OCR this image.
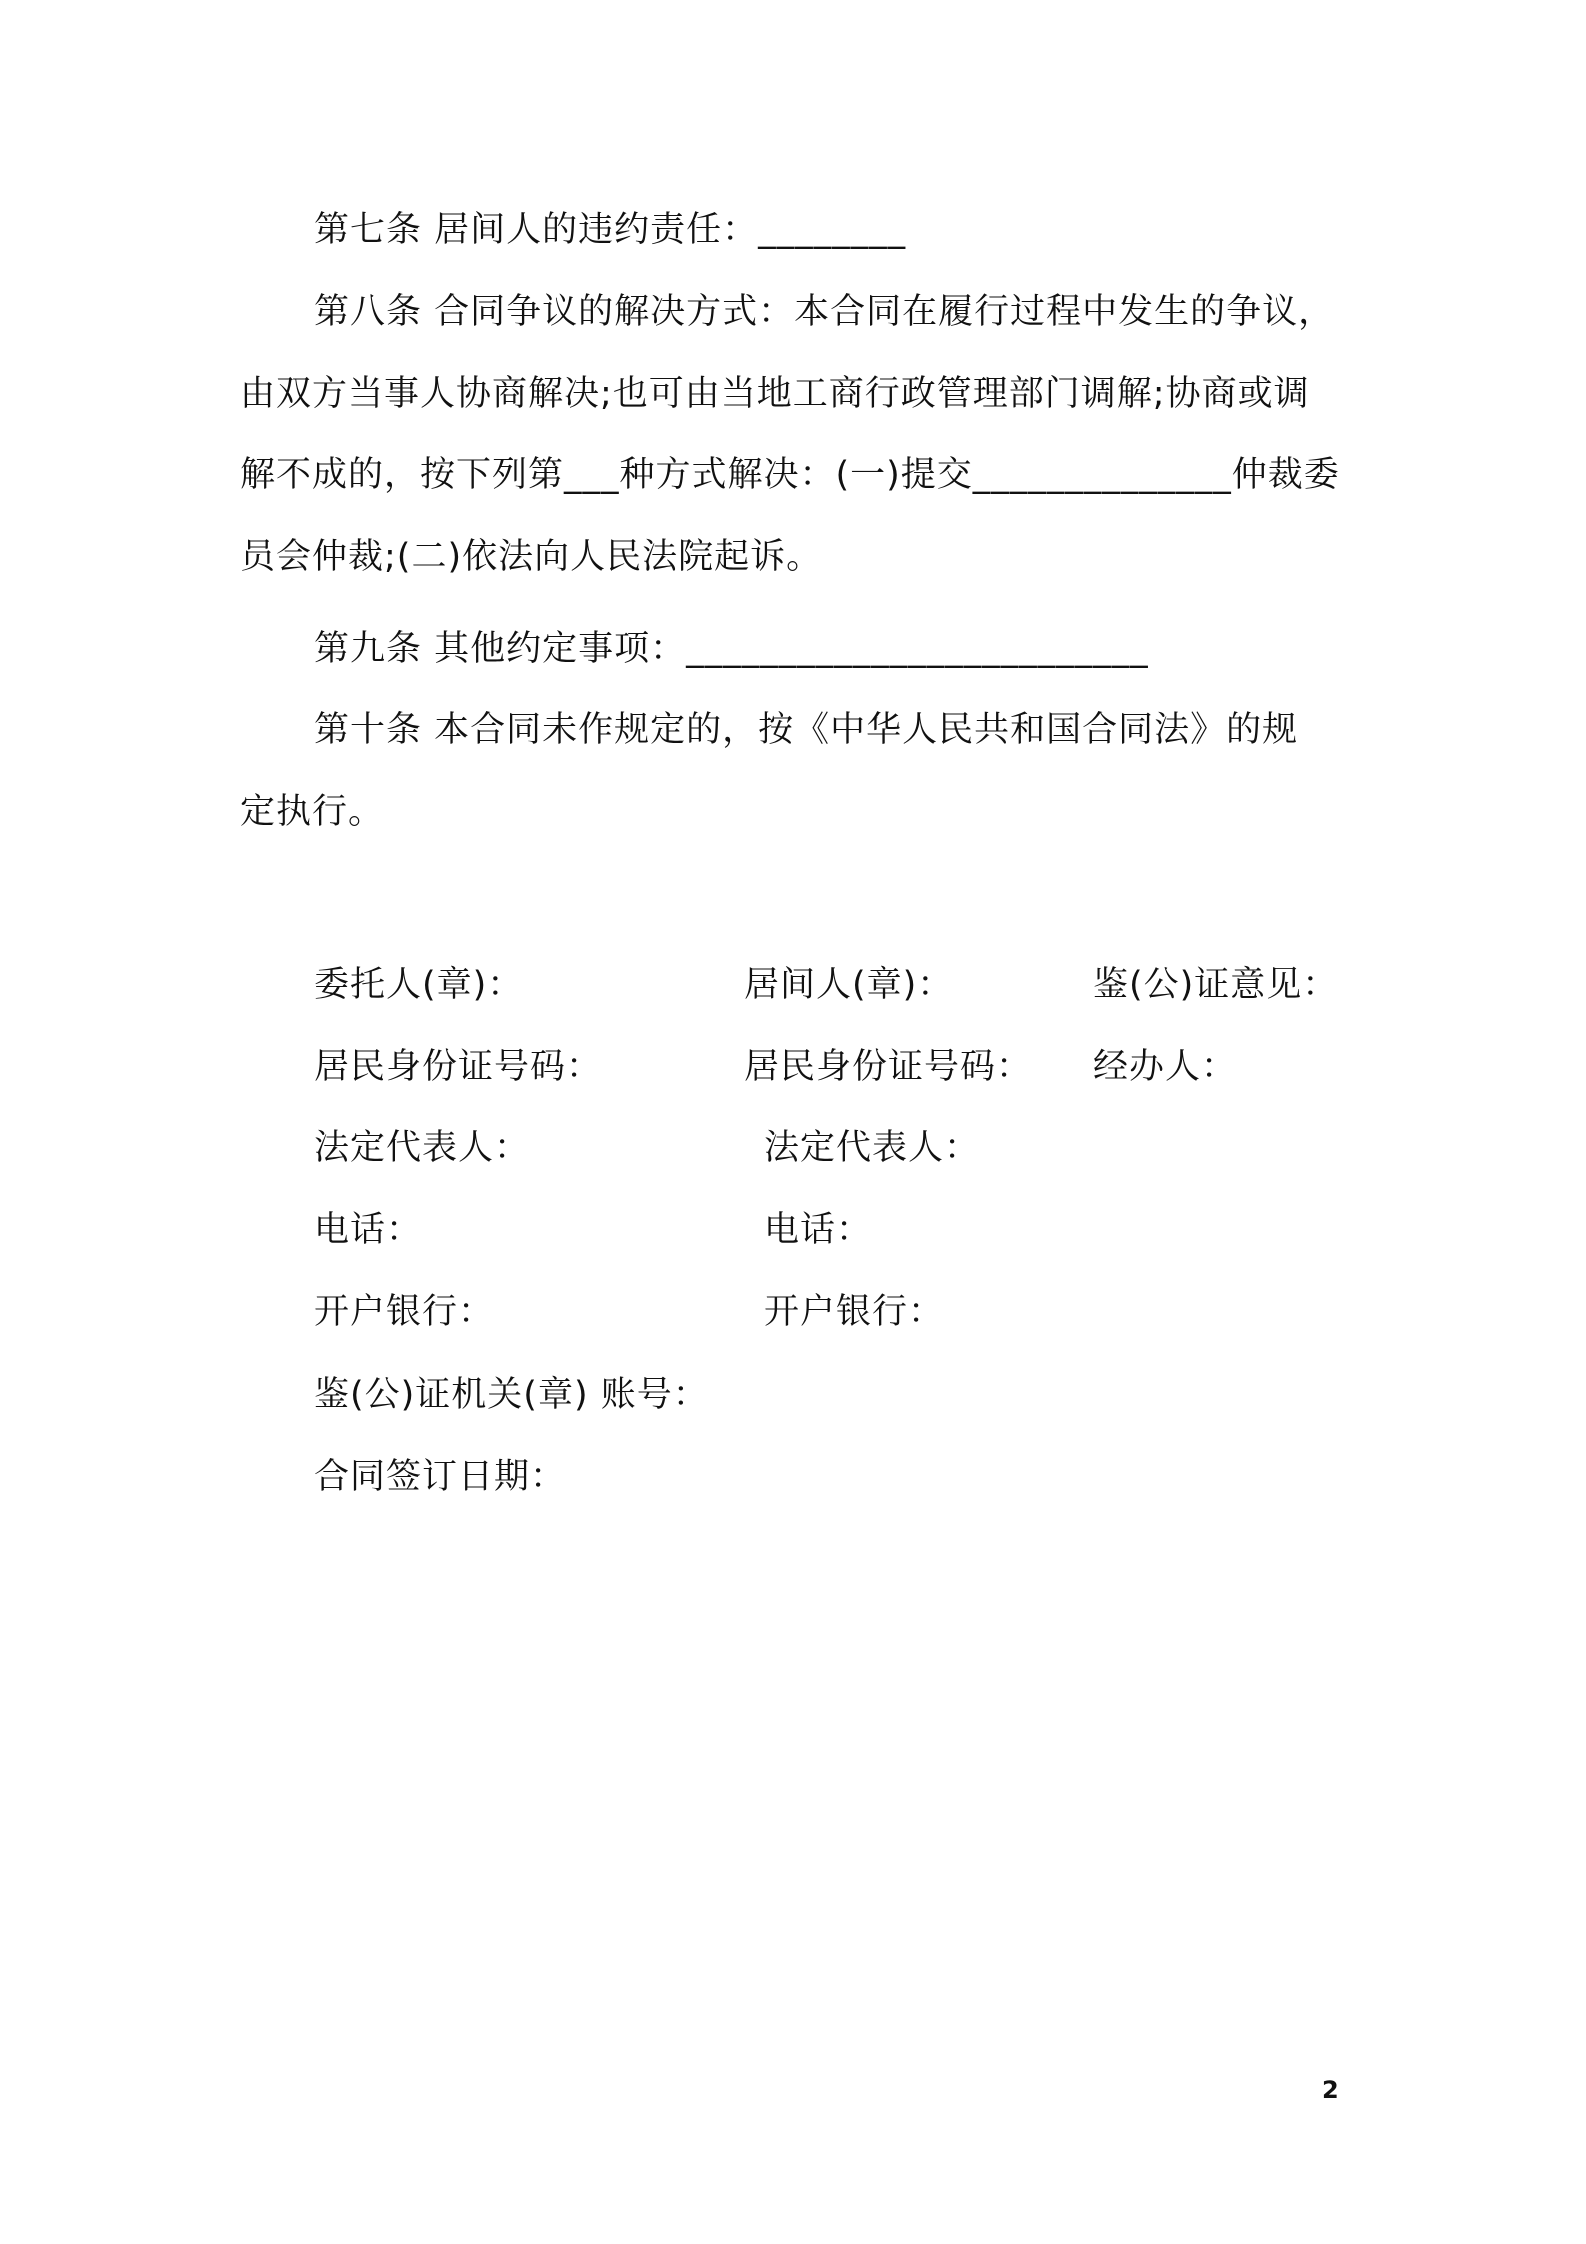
第七条 居间人的违约责任：________
第八条 合同争议的解决方式：本合同在履行过程中发生的争议，
由双方当事人协商解决;也可由当地工商行政管理部门调解;协商或调
解不成的，按下列第___种方式解决：(一)提交______________仲裁委
员会仲裁;(二)依法向人民法院起诉。
第九条 其他约定事项：_________________________
第十条 本合同未作规定的，按《中华人民共和国合同法》的规
定执行。
委托人(章)：	居间人(章)：	鉴(公)证意见：
居民身份证号码：	居民身份证号码： 经办人：
法定代表人：	法定代表人：
电话：	电话：
开户银行：	开户银行：
鉴(公)证机关(章) 账号：
合同签订日期：
2
